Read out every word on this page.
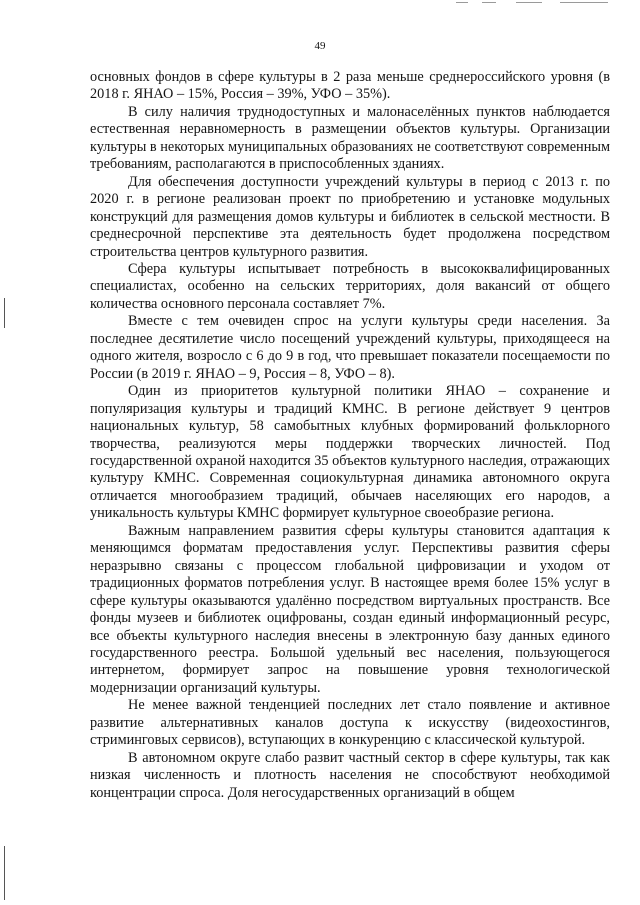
49

основных фондов в сфере культуры в 2 раза меньше среднероссийского уровня (в 2018 г. ЯНАО – 15%, Россия – 39%, УФО – 35%).

В силу наличия труднодоступных и малонаселённых пунктов наблюдается естественная неравномерность в размещении объектов культуры. Организации культуры в некоторых муниципальных образованиях не соответствуют современным требованиям, располагаются в приспособленных зданиях.

Для обеспечения доступности учреждений культуры в период с 2013 г. по 2020 г. в регионе реализован проект по приобретению и установке модульных конструкций для размещения домов культуры и библиотек в сельской местности. В среднесрочной перспективе эта деятельность будет продолжена посредством строительства центров культурного развития.

Сфера культуры испытывает потребность в высококвалифицированных специалистах, особенно на сельских территориях, доля вакансий от общего количества основного персонала составляет 7%.

Вместе с тем очевиден спрос на услуги культуры среди населения. За последнее десятилетие число посещений учреждений культуры, приходящееся на одного жителя, возросло с 6 до 9 в год, что превышает показатели посещаемости по России (в 2019 г. ЯНАО – 9, Россия – 8, УФО – 8).

Один из приоритетов культурной политики ЯНАО – сохранение и популяризация культуры и традиций КМНС. В регионе действует 9 центров национальных культур, 58 самобытных клубных формирований фольклорного творчества, реализуются меры поддержки творческих личностей. Под государственной охраной находится 35 объектов культурного наследия, отражающих культуру КМНС. Современная социокультурная динамика автономного округа отличается многообразием традиций, обычаев населяющих его народов, а уникальность культуры КМНС формирует культурное своеобразие региона.

Важным направлением развития сферы культуры становится адаптация к меняющимся форматам предоставления услуг. Перспективы развития сферы неразрывно связаны с процессом глобальной цифровизации и уходом от традиционных форматов потребления услуг. В настоящее время более 15% услуг в сфере культуры оказываются удалённо посредством виртуальных пространств. Все фонды музеев и библиотек оцифрованы, создан единый информационный ресурс, все объекты культурного наследия внесены в электронную базу данных единого государственного реестра. Большой удельный вес населения, пользующегося интернетом, формирует запрос на повышение уровня технологической модернизации организаций культуры.

Не менее важной тенденцией последних лет стало появление и активное развитие альтернативных каналов доступа к искусству (видеохостингов, стриминговых сервисов), вступающих в конкуренцию с классической культурой.

В автономном округе слабо развит частный сектор в сфере культуры, так как низкая численность и плотность населения не способствуют необходимой концентрации спроса. Доля негосударственных организаций в общем
